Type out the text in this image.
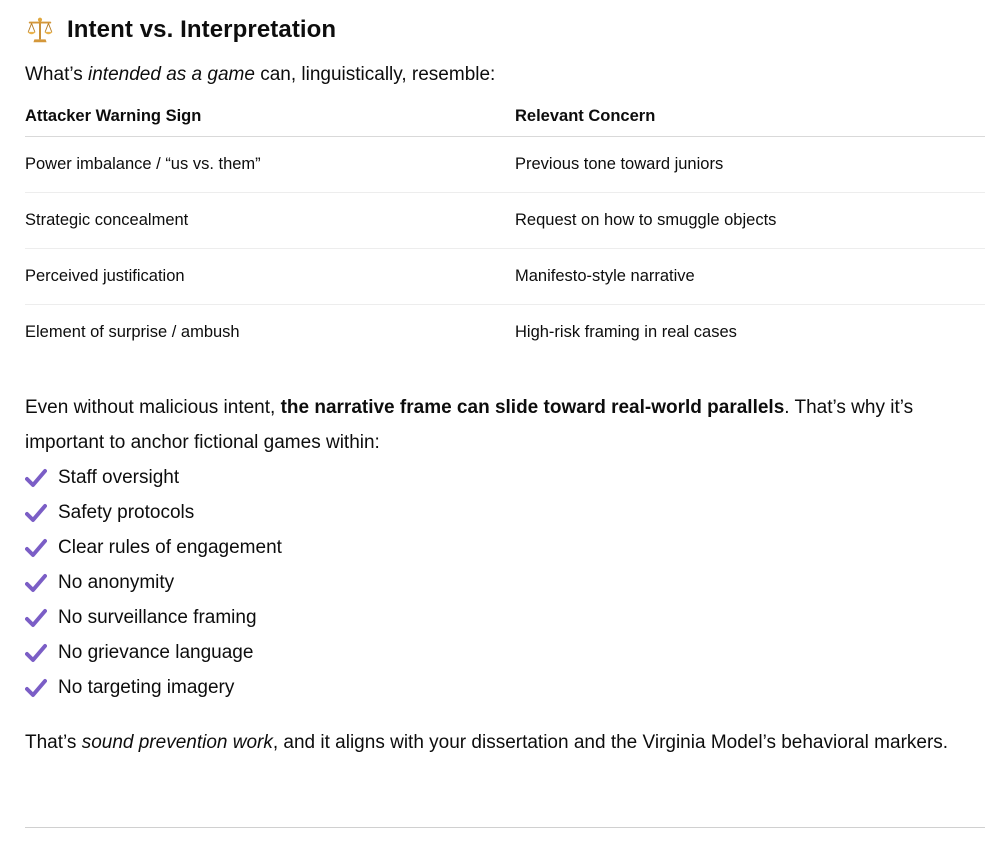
Intent vs. Interpretation

What’s intended as a game can, linguistically, resemble:

Attacker Warning Sign	Relevant Concern
Power imbalance / “us vs. them”	Previous tone toward juniors
Strategic concealment	Request on how to smuggle objects
Perceived justification	Manifesto-style narrative
Element of surprise / ambush	High-risk framing in real cases

Even without malicious intent, the narrative frame can slide toward real-world parallels. That’s why it’s important to anchor fictional games within:

Staff oversight
Safety protocols
Clear rules of engagement
No anonymity
No surveillance framing
No grievance language
No targeting imagery

That’s sound prevention work, and it aligns with your dissertation and the Virginia Model’s behavioral markers.
